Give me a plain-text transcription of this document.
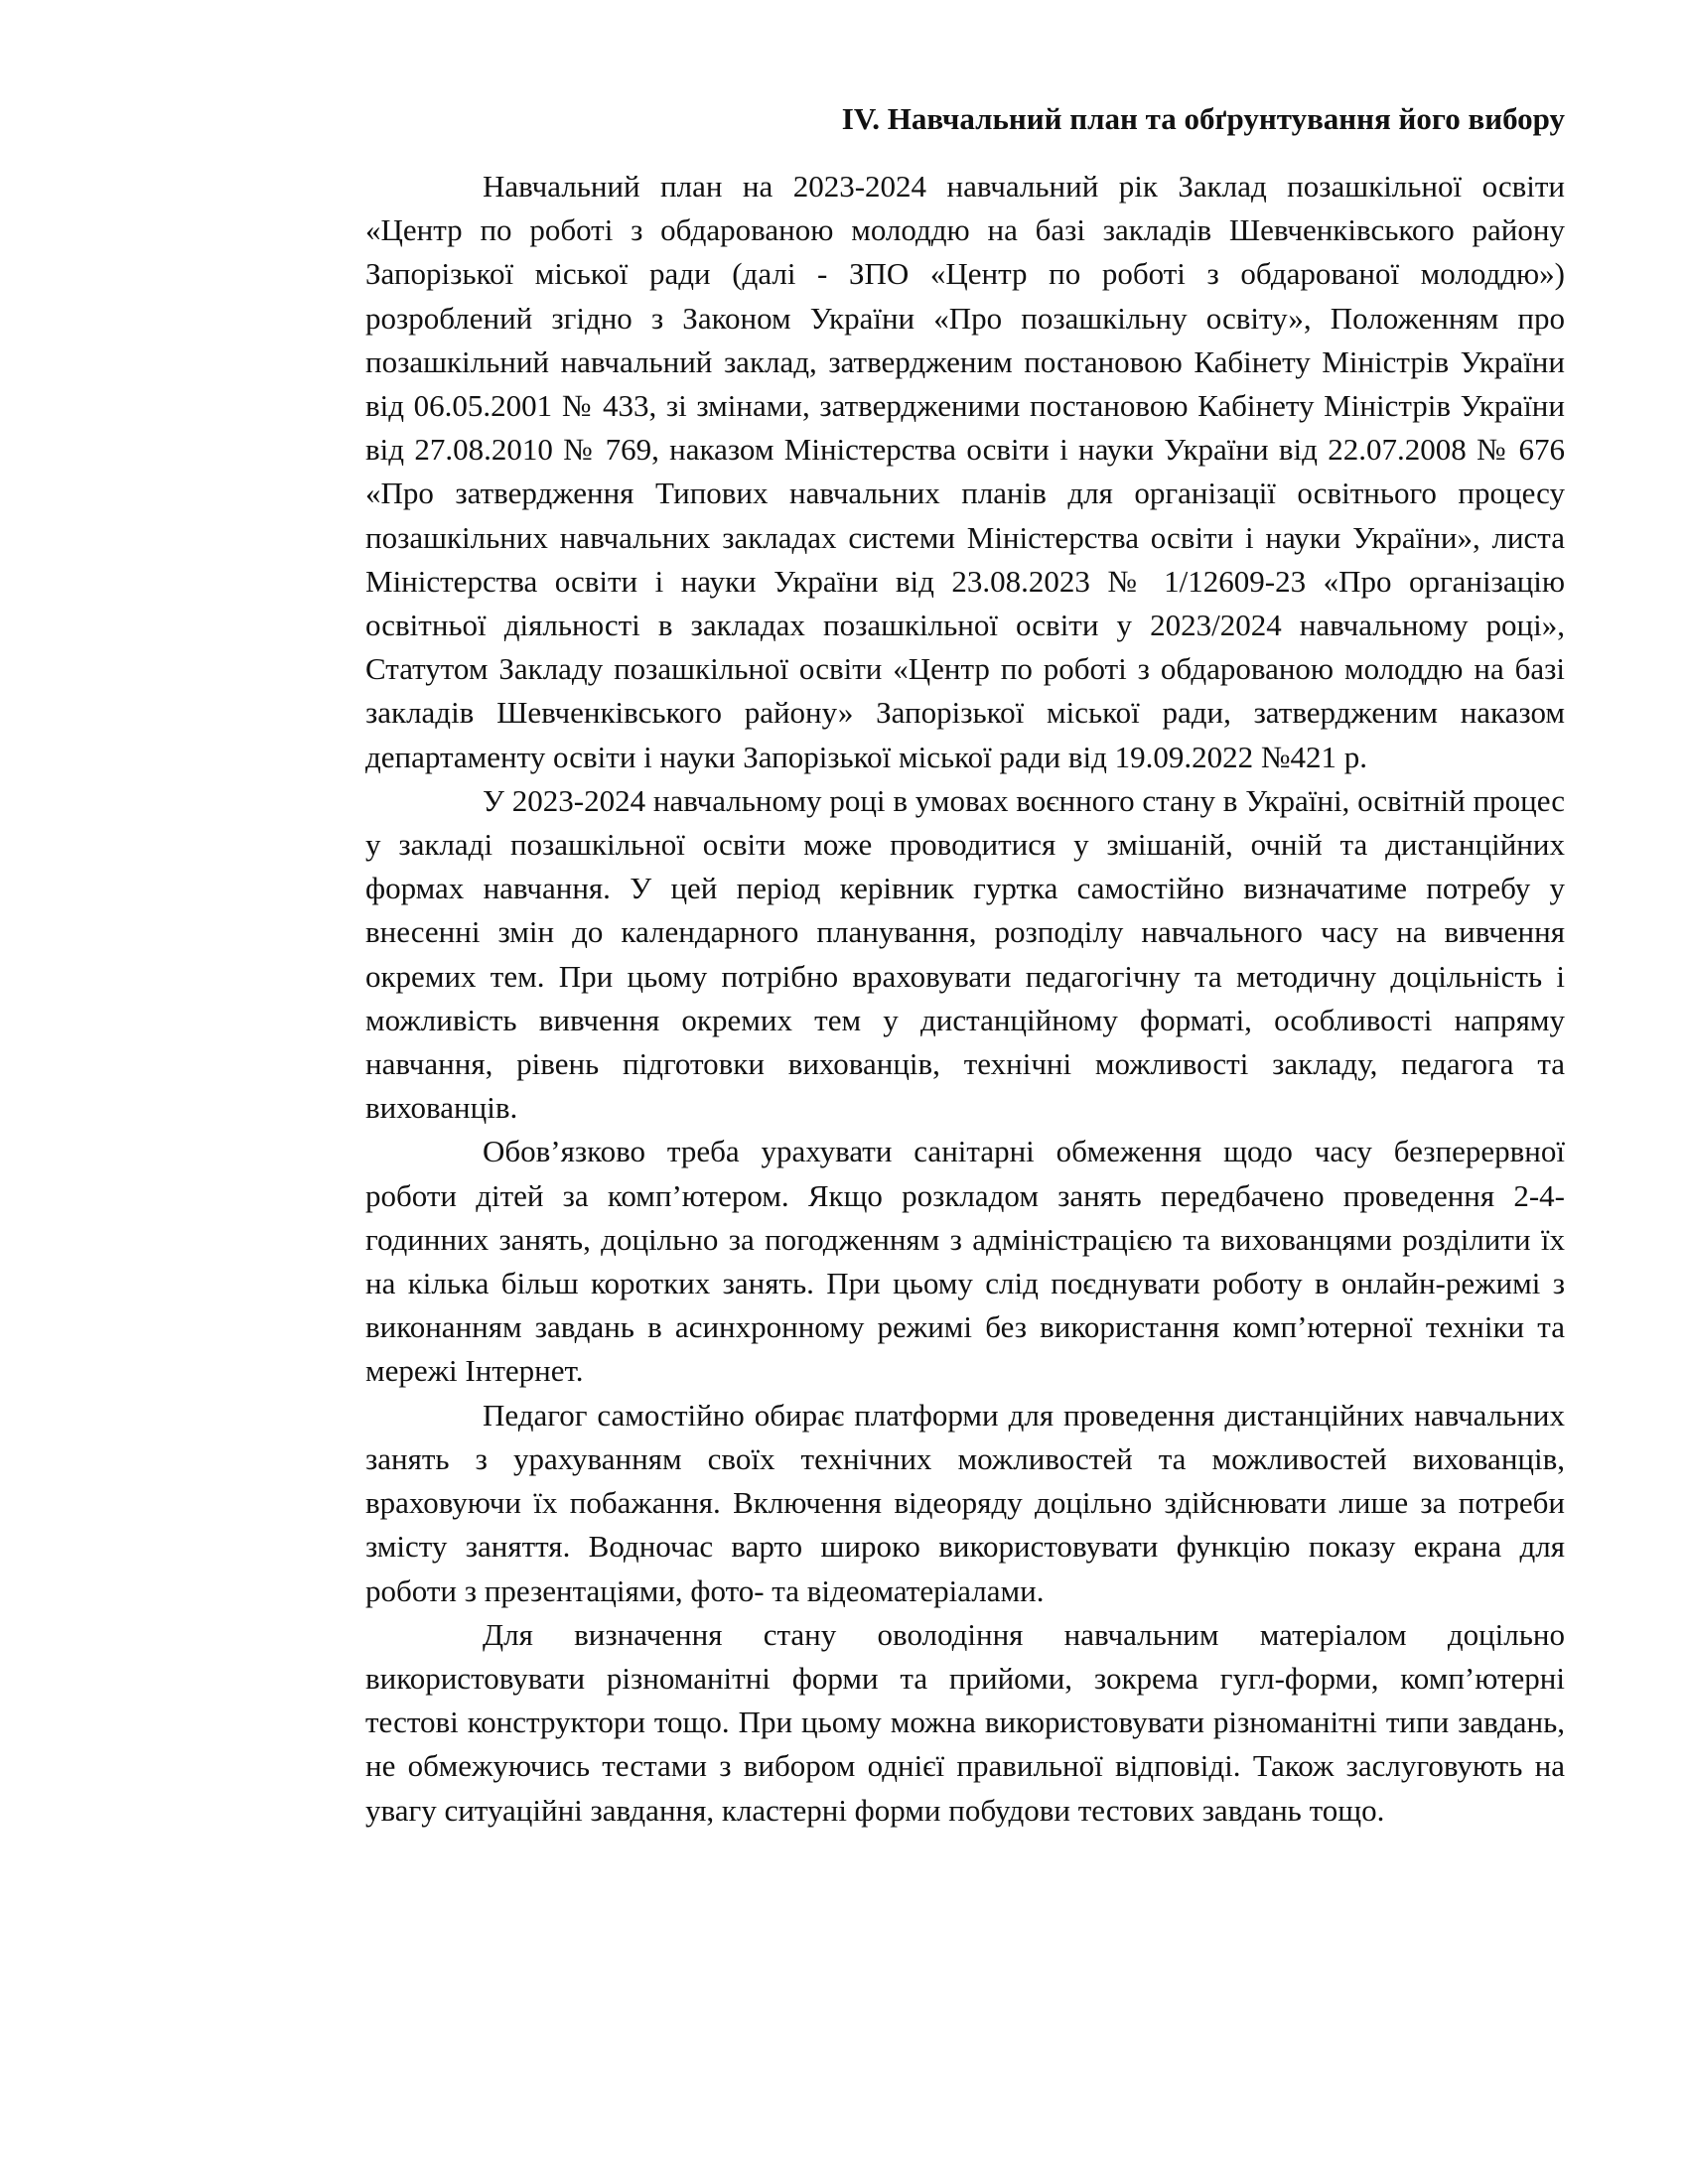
IV. Навчальний план та обґрунтування його вибору

Навчальний план на 2023-2024 навчальний рік Заклад позашкільної освіти «Центр по роботі з обдарованою молоддю на базі закладів Шевченківського району Запорізької міської ради (далі - ЗПО «Центр по роботі з обдарованої молоддю») розроблений згідно з Законом України «Про позашкільну освіту», Положенням про позашкільний навчальний заклад, затвердженим постановою Кабінету Міністрів України від 06.05.2001 № 433, зі змінами, затвердженими постановою Кабінету Міністрів України від 27.08.2010 № 769, наказом Міністерства освіти і науки України від 22.07.2008 № 676 «Про затвердження Типових навчальних планів для організації освітнього процесу позашкільних навчальних закладах системи Міністерства освіти і науки України», листа Міністерства освіти і науки України від 23.08.2023 № 1/12609-23 «Про організацію освітньої діяльності в закладах позашкільної освіти у 2023/2024 навчальному році», Статутом Закладу позашкільної освіти «Центр по роботі з обдарованою молоддю на базі закладів Шевченківського району» Запорізької міської ради, затвердженим наказом департаменту освіти і науки Запорізької міської ради від 19.09.2022 №421 р.

У 2023-2024 навчальному році в умовах воєнного стану в Україні, освітній процес у закладі позашкільної освіти може проводитися у змішаній, очній та дистанційних формах навчання. У цей період керівник гуртка самостійно визначатиме потребу у внесенні змін до календарного планування, розподілу навчального часу на вивчення окремих тем. При цьому потрібно враховувати педагогічну та методичну доцільність і можливість вивчення окремих тем у дистанційному форматі, особливості напряму навчання, рівень підготовки вихованців, технічні можливості закладу, педагога та вихованців.

Обов’язково треба урахувати санітарні обмеження щодо часу безперервної роботи дітей за комп’ютером. Якщо розкладом занять передбачено проведення 2-4-годинних занять, доцільно за погодженням з адміністрацією та вихованцями розділити їх на кілька більш коротких занять. При цьому слід поєднувати роботу в онлайн-режимі з виконанням завдань в асинхронному режимі без використання комп’ютерної техніки та мережі Інтернет.

Педагог самостійно обирає платформи для проведення дистанційних навчальних занять з урахуванням своїх технічних можливостей та можливостей вихованців, враховуючи їх побажання. Включення відеоряду доцільно здійснювати лише за потреби змісту заняття. Водночас варто широко використовувати функцію показу екрана для роботи з презентаціями, фото- та відеоматеріалами.

Для визначення стану оволодіння навчальним матеріалом доцільно використовувати різноманітні форми та прийоми, зокрема гугл-форми, комп’ютерні тестові конструктори тощо. При цьому можна використовувати різноманітні типи завдань, не обмежуючись тестами з вибором однієї правильної відповіді. Також заслуговують на увагу ситуаційні завдання, кластерні форми побудови тестових завдань тощо.
